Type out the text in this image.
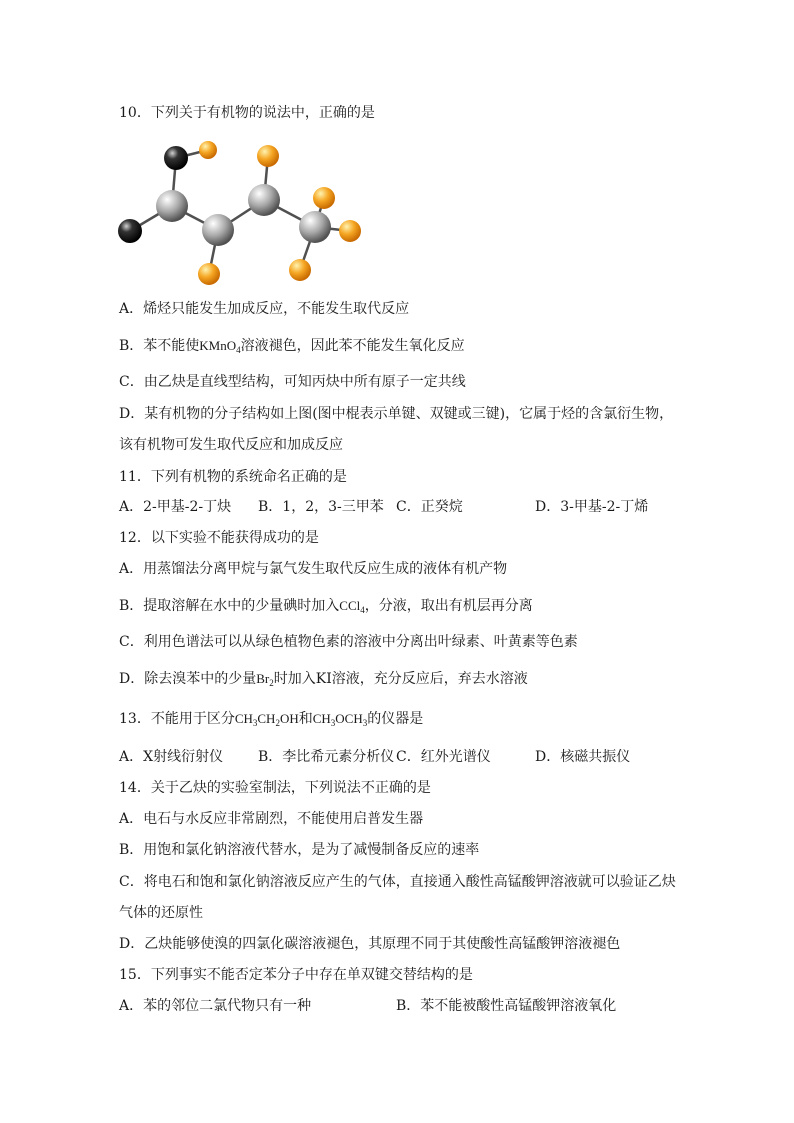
10．下列关于有机物的说法中，正确的是
A．烯烃只能发生加成反应，不能发生取代反应
B．苯不能使KMnO$_4$溶液褪色，因此苯不能发生氧化反应
C．由乙炔是直线型结构，可知丙炔中所有原子一定共线
D．某有机物的分子结构如上图(图中棍表示单键、双键或三键)，它属于烃的含氯衍生物，
该有机物可发生取代反应和加成反应
11．下列有机物的系统命名正确的是
A．2-甲基-2-丁炔 B．1，2，3-三甲苯 C．正癸烷	D．3-甲基-2-丁烯
12．以下实验不能获得成功的是
A．用蒸馏法分离甲烷与氯气发生取代反应生成的液体有机产物
B．提取溶解在水中的少量碘时加入CCl$_4$，分液，取出有机层再分离
C．利用色谱法可以从绿色植物色素的溶液中分离出叶绿素、叶黄素等色素
D．除去溴苯中的少量$Br_2$时加入KI溶液，充分反应后，弃去水溶液
13．不能用于区分$CH_3CH_2OH$和$CH_3OCH_3$的仪器是
A．X射线衍射仪 B．李比希元素分析仪 C．红外光谱仪	D．核磁共振仪
14．关于乙炔的实验室制法，下列说法不正确的是
A．电石与水反应非常剧烈，不能使用启普发生器
B．用饱和氯化钠溶液代替水，是为了减慢制备反应的速率
C．将电石和饱和氯化钠溶液反应产生的气体，直接通入酸性高锰酸钾溶液就可以验证乙炔
气体的还原性
D．乙炔能够使溴的四氯化碳溶液褪色，其原理不同于其使酸性高锰酸钾溶液褪色
15．下列事实不能否定苯分子中存在单双键交替结构的是
A．苯的邻位二氯代物只有一种	B．苯不能被酸性高锰酸钾溶液氧化
